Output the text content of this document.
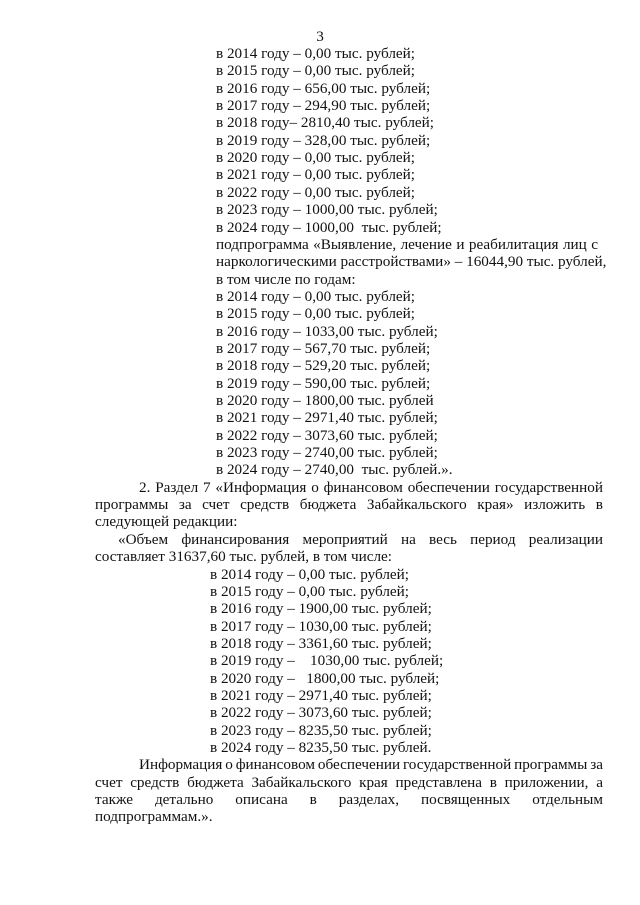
3
в 2014 году – 0,00 тыс. рублей;
в 2015 году – 0,00 тыс. рублей;
в 2016 году – 656,00 тыс. рублей;
в 2017 году – 294,90 тыс. рублей;
в 2018 году– 2810,40 тыс. рублей;
в 2019 году – 328,00 тыс. рублей;
в 2020 году – 0,00 тыс. рублей;
в 2021 году – 0,00 тыс. рублей;
в 2022 году – 0,00 тыс. рублей;
в 2023 году – 1000,00 тыс. рублей;
в 2024 году – 1000,00  тыс. рублей;
подпрограмма «Выявление, лечение и реабилитация лиц с
наркологическими расстройствами» – 16044,90 тыс. рублей,
в том числе по годам:
в 2014 году – 0,00 тыс. рублей;
в 2015 году – 0,00 тыс. рублей;
в 2016 году – 1033,00 тыс. рублей;
в 2017 году – 567,70 тыс. рублей;
в 2018 году – 529,20 тыс. рублей;
в 2019 году – 590,00 тыс. рублей;
в 2020 году – 1800,00 тыс. рублей
в 2021 году – 2971,40 тыс. рублей;
в 2022 году – 3073,60 тыс. рублей;
в 2023 году – 2740,00 тыс. рублей;
в 2024 году – 2740,00  тыс. рублей.».
2. Раздел 7 «Информация о финансовом обеспечении государственной
программы за счет средств бюджета Забайкальского края» изложить в
следующей редакции:
«Объем финансирования мероприятий на весь период реализации
составляет 31637,60 тыс. рублей, в том числе:
в 2014 году – 0,00 тыс. рублей;
в 2015 году – 0,00 тыс. рублей;
в 2016 году – 1900,00 тыс. рублей;
в 2017 году – 1030,00 тыс. рублей;
в 2018 году – 3361,60 тыс. рублей;
в 2019 году –    1030,00 тыс. рублей;
в 2020 году –   1800,00 тыс. рублей;
в 2021 году – 2971,40 тыс. рублей;
в 2022 году – 3073,60 тыс. рублей;
в 2023 году – 8235,50 тыс. рублей;
в 2024 году – 8235,50 тыс. рублей.
Информация о финансовом обеспечении государственной программы за
счет средств бюджета Забайкальского края представлена в приложении, а
также детально описана в разделах, посвященных отдельным
подпрограммам.».
